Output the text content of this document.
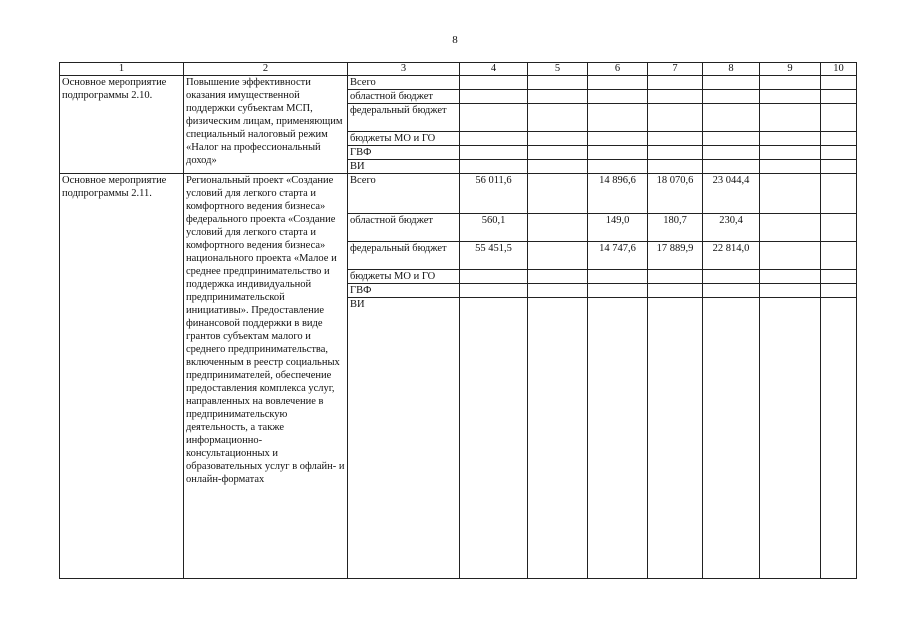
8
1	2	3	4	5	6	7	8	9	10
Основное мероприятие подпрограммы 2.10.	Повышение эффективности оказания имущественной поддержки субъектам МСП, физическим лицам, применяющим специальный налоговый режим «Налог на профессиональный доход»	Всего							
		областной бюджет							
		федеральный бюджет							
		бюджеты МО и ГО							
		ГВФ							
		ВИ							
Основное мероприятие подпрограммы 2.11.	Региональный проект «Создание условий для легкого старта и комфортного ведения бизнеса» федерального проекта «Создание условий для легкого старта и комфортного ведения бизнеса» национального проекта «Малое и среднее предпринимательство и поддержка индивидуальной предпринимательской инициативы». Предоставление финансовой поддержки в виде грантов субъектам малого и среднего предпринимательства, включенным в реестр социальных предпринимателей, обеспечение предоставления комплекса услуг, направленных на вовлечение в предпринимательскую деятельность, а также информационно-консультационных и образовательных услуг в офлайн- и онлайн-форматах	Всего	56 011,6		14 896,6	18 070,6	23 044,4		
		областной бюджет	560,1		149,0	180,7	230,4		
		федеральный бюджет	55 451,5		14 747,6	17 889,9	22 814,0		
		бюджеты МО и ГО							
		ГВФ							
		ВИ							
